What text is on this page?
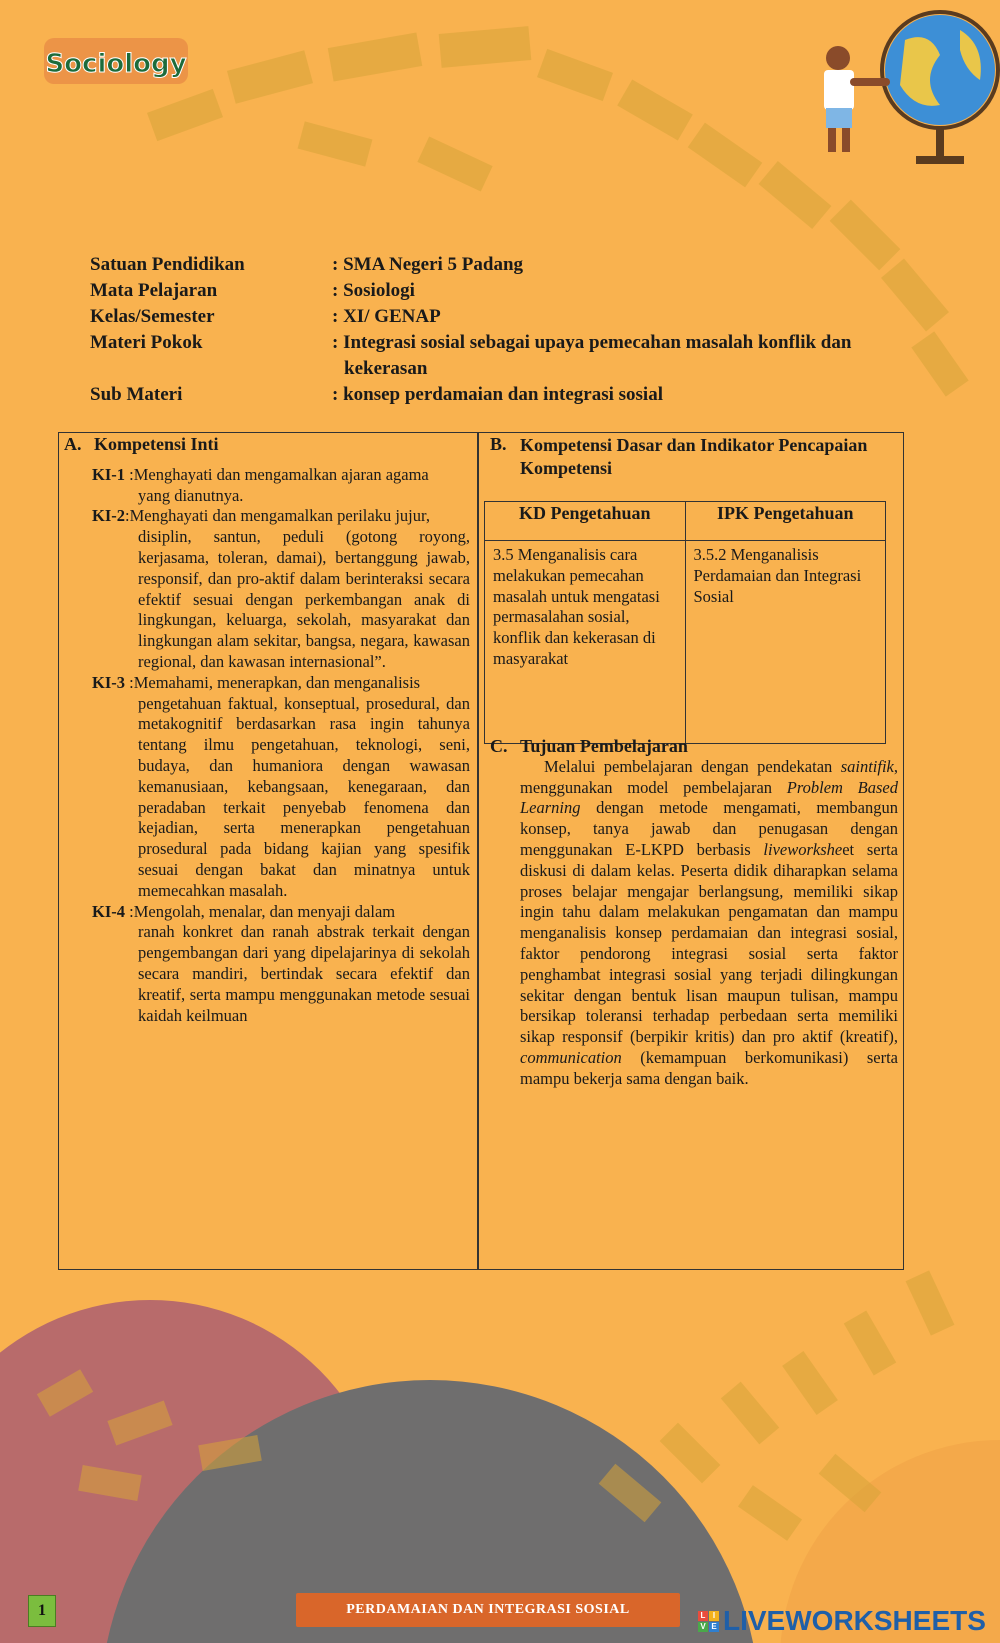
Sociology
Satuan Pendidikan	: SMA Negeri 5 Padang
Mata Pelajaran	: Sosiologi
Kelas/Semester	: XI/ GENAP
Materi Pokok	: Integrasi sosial sebagai upaya pemecahan masalah konflik dan
kekerasan
Sub Materi	: konsep perdamaian dan integrasi sosial
A. Kompetensi Inti
KI-1 :Menghayati dan mengamalkan ajaran agama
yang dianutnya.
KI-2:Menghayati dan mengamalkan perilaku jujur,
disiplin, santun, peduli (gotong royong, kerjasama, toleran, damai), bertanggung jawab, responsif, dan pro-aktif dalam berinteraksi secara efektif sesuai dengan perkembangan anak di lingkungan, keluarga, sekolah, masyarakat dan lingkungan alam sekitar, bangsa, negara, kawasan regional, dan kawasan internasional”.
KI-3 :Memahami, menerapkan, dan menganalisis
pengetahuan faktual, konseptual, prosedural, dan metakognitif berdasarkan rasa ingin tahunya tentang ilmu pengetahuan, teknologi, seni, budaya, dan humaniora dengan wawasan kemanusiaan, kebangsaan, kenegaraan, dan peradaban terkait penyebab fenomena dan kejadian, serta menerapkan pengetahuan prosedural pada bidang kajian yang spesifik sesuai dengan bakat dan minatnya untuk memecahkan masalah.
KI-4 :Mengolah, menalar, dan menyaji dalam
ranah konkret dan ranah abstrak terkait dengan pengembangan dari yang dipelajarinya di sekolah secara mandiri, bertindak secara efektif dan kreatif, serta mampu menggunakan metode sesuai kaidah keilmuan
B. Kompetensi Dasar dan Indikator Pencapaian Kompetensi
KD Pengetahuan	IPK Pengetahuan
3.5 Menganalisis cara melakukan pemecahan masalah untuk mengatasi permasalahan sosial, konflik dan kekerasan di masyarakat	3.5.2 Menganalisis Perdamaian dan Integrasi Sosial
C. Tujuan Pembelajaran
Melalui pembelajaran dengan pendekatan saintifik, menggunakan model pembelajaran Problem Based Learning dengan metode mengamati, membangun konsep, tanya jawab dan penugasan dengan menggunakan E-LKPD berbasis liveworksheet serta diskusi di dalam kelas. Peserta didik diharapkan selama proses belajar mengajar berlangsung, memiliki sikap ingin tahu dalam melakukan pengamatan dan mampu menganalisis konsep perdamaian dan integrasi sosial, faktor pendorong integrasi sosial serta faktor penghambat integrasi sosial yang terjadi dilingkungan sekitar dengan bentuk lisan maupun tulisan, mampu bersikap toleransi terhadap perbedaan serta memiliki sikap responsif (berpikir kritis) dan pro aktif (kreatif), communication (kemampuan berkomunikasi) serta mampu bekerja sama dengan baik.
1	PERDAMAIAN DAN INTEGRASI SOSIAL	L I
V E LIVEWORKSHEETS
